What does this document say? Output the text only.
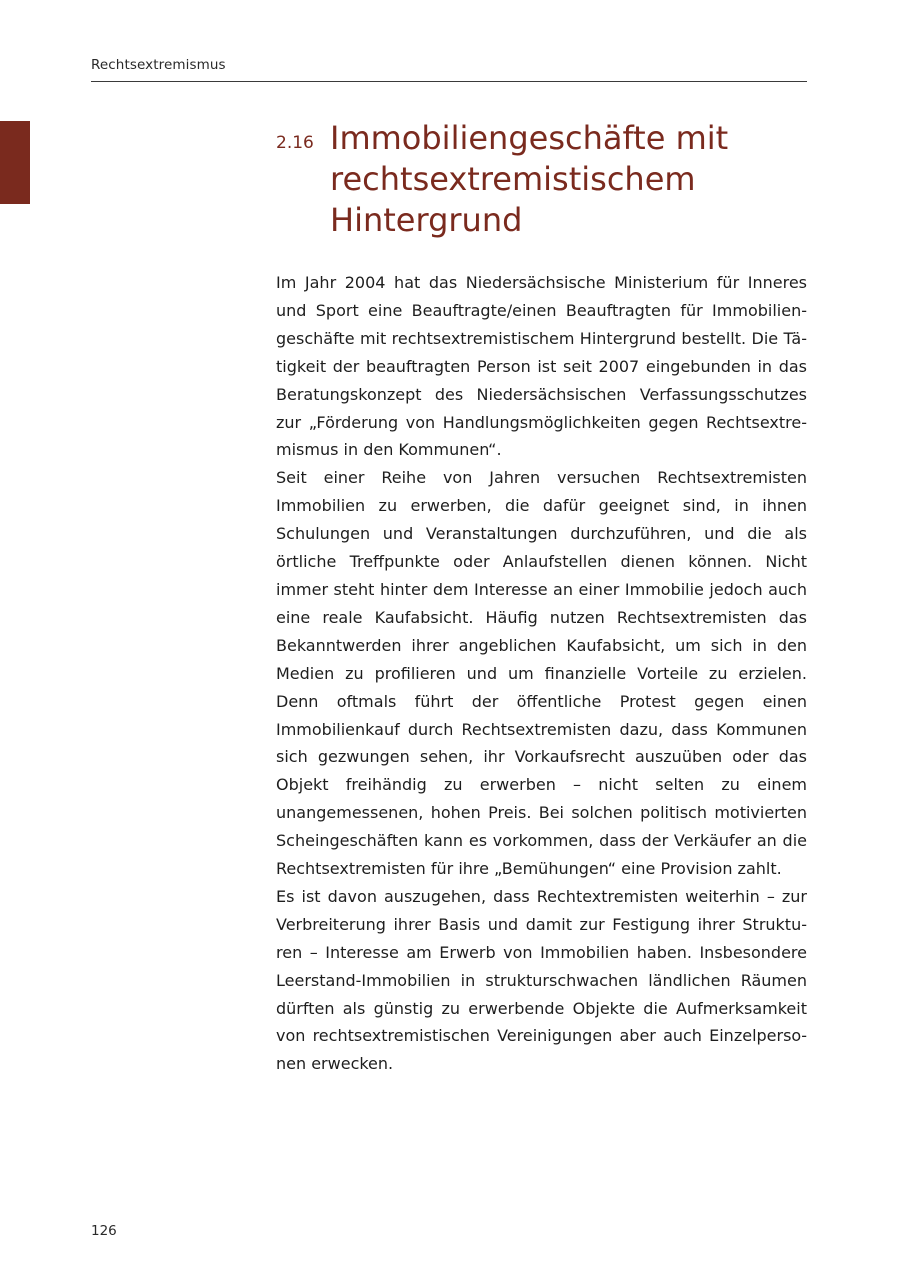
Rechtsextremismus
2.16 Immobiliengeschäfte mit
rechtsextremistischem
Hintergrund

Im Jahr 2004 hat das Niedersächsische Ministerium für Inneres und Sport eine Beauftragte/einen Beauftragten für Immobiliengeschäfte mit rechtsextremistischem Hintergrund bestellt. Die Tätigkeit der beauftragten Person ist seit 2007 eingebunden in das Beratungskonzept des Niedersächsischen Verfassungsschutzes zur „Förderung von Handlungsmöglichkeiten gegen Rechtsextremismus in den Kommunen“.

Seit einer Reihe von Jahren versuchen Rechtsextremisten Immobilien zu erwerben, die dafür geeignet sind, in ihnen Schulungen und Veranstaltungen durchzuführen, und die als örtliche Treffpunkte oder Anlaufstellen dienen können. Nicht immer steht hinter dem Interesse an einer Immobilie jedoch auch eine reale Kaufabsicht. Häufig nutzen Rechtsextremisten das Bekanntwerden ihrer angeblichen Kaufabsicht, um sich in den Medien zu profilieren und um finanzielle Vorteile zu erzielen. Denn oftmals führt der öffentliche Protest gegen einen Immobilienkauf durch Rechtsextremisten dazu, dass Kommunen sich gezwungen sehen, ihr Vorkaufsrecht auszuüben oder das Objekt freihändig zu erwerben – nicht selten zu einem unangemessenen, hohen Preis. Bei solchen politisch motivierten Scheingeschäften kann es vorkommen, dass der Verkäufer an die Rechtsextremisten für ihre „Bemühungen“ eine Provision zahlt.

Es ist davon auszugehen, dass Rechtextremisten weiterhin – zur Verbreiterung ihrer Basis und damit zur Festigung ihrer Strukturen – Interesse am Erwerb von Immobilien haben. Insbesondere Leerstand-Immobilien in strukturschwachen ländlichen Räumen dürften als günstig zu erwerbende Objekte die Aufmerksamkeit von rechtsextremistischen Vereinigungen aber auch Einzelpersonen erwecken.

126
